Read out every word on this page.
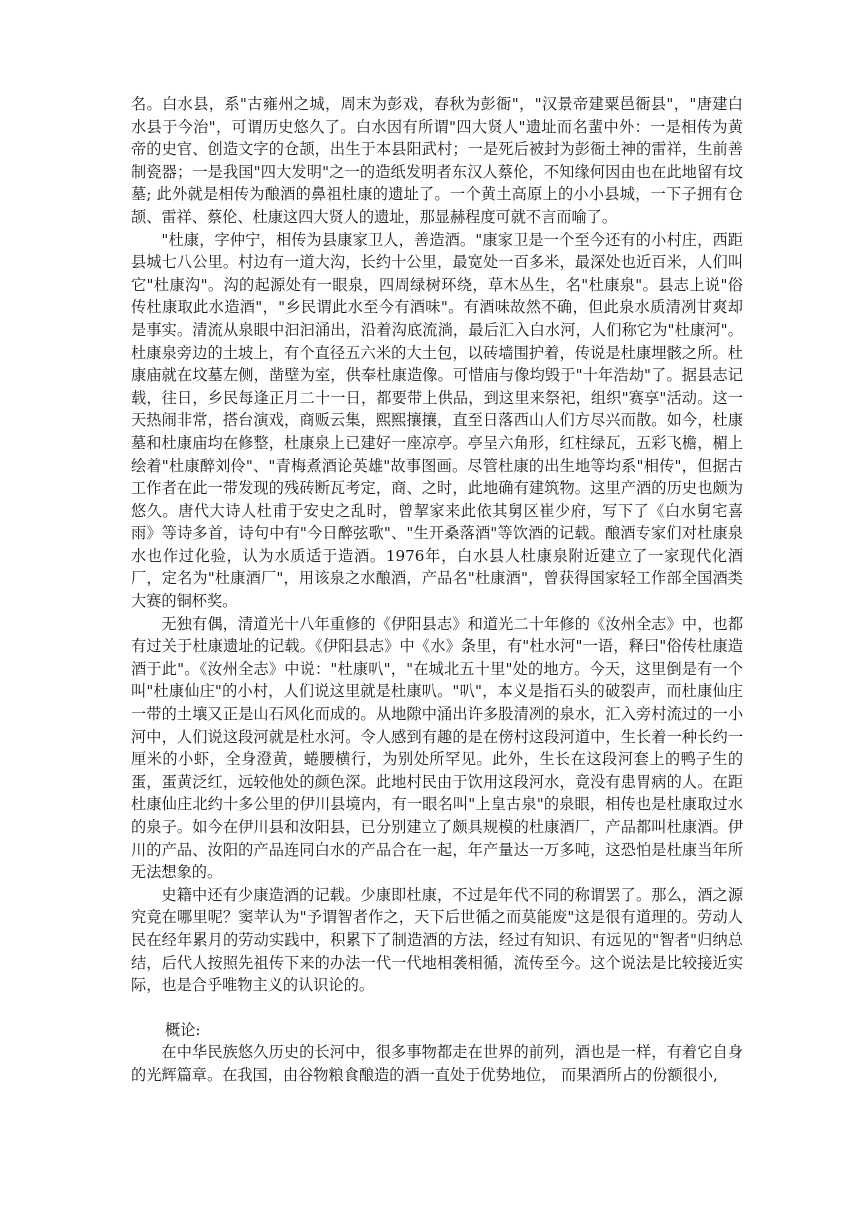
名。白水县，系"古雍州之城，周末为彭戏，春秋为彭衙"，"汉景帝建粟邑衙县"，"唐建白水县于今治"，可谓历史悠久了。白水因有所谓"四大贤人"遗址而名蜚中外：一是相传为黄帝的史官、创造文字的仓颉，出生于本县阳武村；一是死后被封为彭衙土神的雷祥，生前善制瓷器；一是我国"四大发明"之一的造纸发明者东汉人蔡伦，不知缘何因由也在此地留有坟墓; 此外就是相传为酿酒的鼻祖杜康的遗址了。一个黄土高原上的小小县城，一下子拥有仓颉、雷祥、蔡伦、杜康这四大贤人的遗址，那显赫程度可就不言而喻了。

"杜康，字仲宁，相传为县康家卫人，善造酒。"康家卫是一个至今还有的小村庄，西距县城七八公里。村边有一道大沟，长约十公里，最宽处一百多米，最深处也近百米，人们叫它"杜康沟"。沟的起源处有一眼泉，四周绿树环绕，草木丛生，名"杜康泉"。县志上说"俗传杜康取此水造酒"，"乡民谓此水至今有酒味"。有酒味故然不确，但此泉水质清冽甘爽却是事实。清流从泉眼中汩汩涌出，沿着沟底流淌，最后汇入白水河，人们称它为"杜康河"。杜康泉旁边的土坡上，有个直径五六米的大土包，以砖墙围护着，传说是杜康埋骸之所。杜康庙就在坟墓左侧，凿壁为室，供奉杜康造像。可惜庙与像均毁于"十年浩劫"了。据县志记载，往日，乡民每逢正月二十一日，都要带上供品，到这里来祭祀，组织"赛享"活动。这一天热闹非常，搭台演戏，商贩云集，熙熙攘攘，直至日落西山人们方尽兴而散。如今，杜康墓和杜康庙均在修整，杜康泉上已建好一座凉亭。亭呈六角形，红柱绿瓦，五彩飞檐，楣上绘着"杜康醉刘伶"、"青梅煮酒论英雄"故事图画。尽管杜康的出生地等均系"相传"，但据古工作者在此一带发现的残砖断瓦考定，商、之时，此地确有建筑物。这里产酒的历史也颇为悠久。唐代大诗人杜甫于安史之乱时，曾挈家来此依其舅区崔少府，写下了《白水舅宅喜雨》等诗多首，诗句中有"今日醉弦歌"、"生开桑落酒"等饮酒的记载。酿酒专家们对杜康泉水也作过化验，认为水质适于造酒。1976年，白水县人杜康泉附近建立了一家现代化酒厂，定名为"杜康酒厂"，用该泉之水酿酒，产品名"杜康酒"，曾获得国家轻工作部全国酒类大赛的铜杯奖。

无独有偶，清道光十八年重修的《伊阳县志》和道光二十年修的《汝州全志》中，也都有过关于杜康遗址的记载。《伊阳县志》中《水》条里，有"杜水河"一语，释曰"俗传杜康造酒于此"。《汝州全志》中说："杜康叭"，"在城北五十里"处的地方。今天，这里倒是有一个叫"杜康仙庄"的小村，人们说这里就是杜康叭。"叭"，本义是指石头的破裂声，而杜康仙庄一带的土壤又正是山石风化而成的。从地隙中涌出许多股清冽的泉水，汇入旁村流过的一小河中，人们说这段河就是杜水河。令人感到有趣的是在傍村这段河道中，生长着一种长约一厘米的小虾，全身澄黄，蜷腰横行，为别处所罕见。此外，生长在这段河套上的鸭子生的蛋，蛋黄泛红，远较他处的颜色深。此地村民由于饮用这段河水，竟没有患胃病的人。在距杜康仙庄北约十多公里的伊川县境内，有一眼名叫"上皇古泉"的泉眼，相传也是杜康取过水的泉子。如今在伊川县和汝阳县，已分别建立了颇具规模的杜康酒厂，产品都叫杜康酒。伊川的产品、汝阳的产品连同白水的产品合在一起，年产量达一万多吨，这恐怕是杜康当年所无法想象的。

史籍中还有少康造酒的记载。少康即杜康，不过是年代不同的称谓罢了。那么，酒之源究竟在哪里呢？窦苹认为"予谓智者作之，天下后世循之而莫能废"这是很有道理的。劳动人民在经年累月的劳动实践中，积累下了制造酒的方法，经过有知识、有远见的"智者"归纳总结，后代人按照先祖传下来的办法一代一代地相袭相循，流传至今。这个说法是比较接近实际，也是合乎唯物主义的认识论的。

概论:

在中华民族悠久历史的长河中，很多事物都走在世界的前列，酒也是一样，有着它自身的光辉篇章。在我国，由谷物粮食酿造的酒一直处于优势地位， 而果酒所占的份额很小,
